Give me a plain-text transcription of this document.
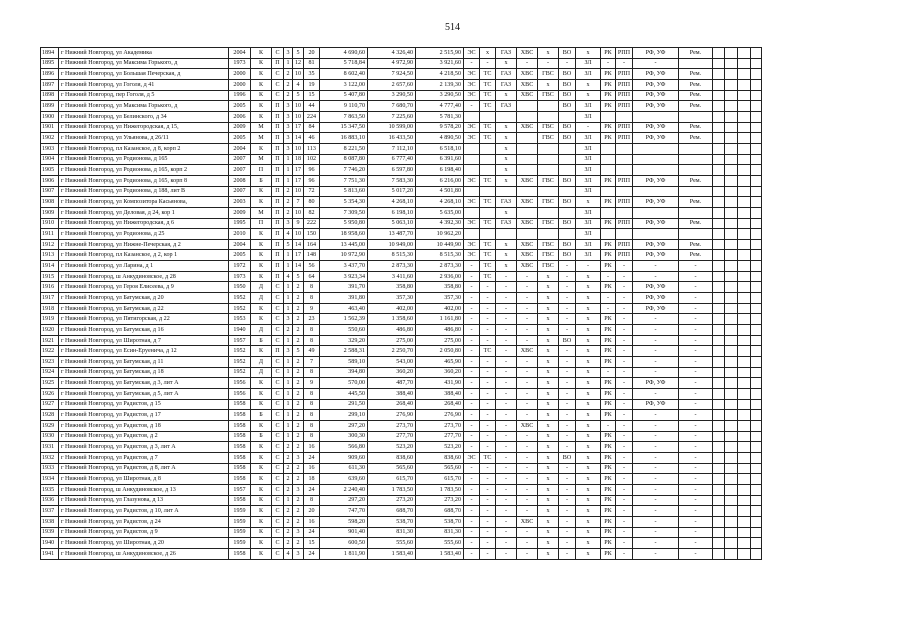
514
1894	г Нижний Новгород, ул Академика	2004	К	С	3	5	20	4 690,60	4 326,40	2 515,90	ЭС	x	ГАЗ	ХВС	x	ВО	x	РК	РПП	РФ, УФ	Рем.				
1895	г Нижний Новгород, ул Максима Горького, д	1973	К	П	1	12	81	5 718,84	4 972,90	3 921,60	-	-	x	-	-	-	ЗЛ	-	-	-					
1896	г Нижний Новгород, ул Большая Печерская, д	2000	К	С	2	10	35	8 602,40	7 924,50	4 218,50	ЭС	ТС	ГАЗ	ХВС	ГВС	ВО	ЗЛ	РК	РПП	РФ, УФ	Рем.				
1897	г Нижний Новгород, ул Гоголя, д 41	2000	К	С	2	4	19	3 122,00	2 657,60	2 139,30	ЭС	ТС	ГАЗ	ХВС	x	ВО	x	РК	РПП	РФ, УФ	Рем.				
1898	г Нижний Новгород, пер Гоголя, д 5	1996	К	С	2	5	15	5 407,80	3 290,50	3 290,50	ЭС	ТС	x	ХВС	ГВС	ВО	x	РК	РПП	РФ, УФ	Рем.				
1899	г Нижний Новгород, ул Максима Горького, д	2005	К	П	3	10	44	9 110,70	7 680,70	4 777,40	-	ТС	ГАЗ			ВО	ЗЛ	РК	РПП	РФ, УФ	Рем.				
1900	г Нижний Новгород, ул Белинского, д 34	2006	К	П	3	10	224	7 863,50	7 225,60	5 781,30							ЗЛ								
1901	г Нижний Новгород, ул Нижегородская, д 15,	2009	М	П	3	17	84	15 347,50	10 599,00	9 578,20	ЭС	ТС	x	ХВС	ГВС	ВО	-	РК	РПП	РФ, УФ	Рем.				
1902	г Нижний Новгород, ул Ульянова, д 26/11	2005	М	П	3	14	46	16 883,10	16 433,50	4 890,50	ЭС	ТС	x		ГВС	ВО	ЗЛ	РК	РПП	РФ, УФ	Рем.				
1903	г Нижний Новгород, пл Казанское, д 8, корп 2	2004	К	П	3	10	113	8 221,50	7 112,10	6 518,10			x				ЗЛ								
1904	г Нижний Новгород, ул Родионова, д 165	2007	М	П	1	18	102	8 087,80	6 777,40	6 391,60			x				ЗЛ								
1905	г Нижний Новгород, ул Родионова, д 165, корп 2	2007	П	П	1	17	96	7 746,20	6 597,80	6 198,40			x				ЗЛ								
1906	г Нижний Новгород, ул Родионова, д 165, корп 8	2008	Б	П	1	17	96	7 751,30	7 583,30	6 216,00	ЭС	ТС	x	ХВС	ГВС	ВО	ЗЛ	РК	РПП	РФ, УФ	Рем.				
1907	г Нижний Новгород, ул Родионова, д 188, лит В	2007	К	П	2	10	72	5 813,60	5 017,20	4 501,80							ЗЛ								
1908	г Нижний Новгород, ул Композитора Касьянова,	2003	К	П	2	7	80	5 354,30	4 268,10	4 268,10	ЭС	ТС	ГАЗ	ХВС	ГВС	ВО	x	РК	РПП	РФ, УФ	Рем.				
1909	г Нижний Новгород, ул Деловая, д 24, кор 1	2009	М	П	2	10	82	7 309,50	6 198,10	5 635,00			x				ЗЛ								
1910	г Нижний Новгород, ул Нижегородская, д 6	1995	П	П	3	9	222	5 950,80	5 063,10	4 392,30	ЭС	ТС	ГАЗ	ХВС	ГВС	ВО	ЗЛ	РК	РПП	РФ, УФ	Рем.				
1911	г Нижний Новгород, ул Родионова, д 25	2010	К	П	4	10	150	18 958,60	13 487,70	10 962,20							ЗЛ								
1912	г Нижний Новгород, ул Нижне-Печерская, д 2	2004	К	П	5	14	164	13 445,00	10 949,00	10 449,90	ЭС	ТС	x	ХВС	ГВС	ВО	ЗЛ	РК	РПП	РФ, УФ	Рем.				
1913	г Нижний Новгород, пл Казанское, д 2, кор 1	2005	К	П	1	17	148	10 972,90	8 515,30	8 515,30	ЭС	ТС	x	ХВС	ГВС	ВО	ЗЛ	РК	РПП	РФ, УФ	Рем.				
1914	г Нижний Новгород, ул Ларина, д 1	1972	К	П	1	14	56	3 437,70	2 873,30	2 873,30	-	ТС	x	ХВС	ГВС	-	-	РК	-	-	-				
1915	г Нижний Новгород, ш Анкудиновское, д 28	1973	К	П	4	5	64	3 923,34	3 411,60	2 936,00	-	ТС	-	-	x	-	x	-	-	-	-				
1916	г Нижний Новгород, ул Героя Елисеева, д 9	1950	Д	С	1	2	8	391,70	358,80	358,80	-	-	-	-	x	-	x	РК	-	РФ, УФ	-				
1917	г Нижний Новгород, ул Батумская, д 20	1952	Д	С	1	2	8	391,80	357,30	357,30	-	-	-	-	x	-	x	-	-	РФ, УФ	-				
1918	г Нижний Новгород, ул Батумская, д 22	1952	К	С	1	2	9	463,40	402,00	402,00	-	-	-	-	x	-	x	-	-	РФ, УФ	-				
1919	г Нижний Новгород, ул Пятигорская, д 22	1953	К	С	3	2	23	1 562,39	1 358,60	1 161,80	-	-	-	-	x	-	x	РК	-	-	-				
1920	г Нижний Новгород, ул Батумская, д 16	1940	Д	С	2	2	8	550,60	486,80	486,80	-	-	-	-	x	-	x	РК	-	-	-				
1921	г Нижний Новгород, ул Широтная, д 7	1957	Б	С	1	2	8	329,20	275,00	275,00	-	-	-	-	x	ВО	x	РК	-	-	-				
1922	г Нижний Новгород, ул Есин-Еруенича, д 12	1952	К	П	3	5	49	2 588,31	2 250,70	2 050,80	-	ТС	-	ХВС	x	-	x	РК	-	-	-				
1923	г Нижний Новгород, ул Батумская, д 11	1952	Д	С	1	2	7	589,10	543,00	465,90	-	-	-	-	x	-	x	РК	-	-	-				
1924	г Нижний Новгород, ул Батумская, д 18	1952	Д	С	1	2	8	394,80	360,20	360,20	-	-	-	-	x	-	x	-	-	-	-				
1925	г Нижний Новгород, ул Батумская, д 3, лит А	1956	К	С	1	2	9	570,00	487,70	431,90	-	-	-	-	x	-	x	РК	-	РФ, УФ	-				
1926	г Нижний Новгород, ул Батумская, д 5, лит А	1956	К	С	1	2	8	445,50	388,40	388,40	-	-	-	-	x	-	x	РК	-	-	-				
1927	г Нижний Новгород, ул Радистов, д 15	1958	К	С	1	2	8	291,50	268,40	268,40	-	-	-	-	x	-	x	РК	-	РФ, УФ	-				
1928	г Нижний Новгород, ул Радистов, д 17	1958	Б	С	1	2	8	299,10	276,90	276,90	-	-	-	-	x	-	x	РК	-	-	-				
1929	г Нижний Новгород, ул Радистов, д 18	1958	К	С	1	2	8	297,20	273,70	273,70	-	-	-	ХВС	x	-	x	-	-	-	-				
1930	г Нижний Новгород, ул Радистов, д 2	1958	Б	С	1	2	8	300,30	277,70	277,70	-	-	-	-	x	-	x	РК	-	-	-				
1931	г Нижний Новгород, ул Радистов, д 3, лит А	1958	К	С	2	2	16	566,80	523,20	523,20	-	-	-	-	x	-	x	РК	-	-	-				
1932	г Нижний Новгород, ул Радистов, д 7	1958	К	С	2	3	24	909,60	838,60	838,60	ЭС	ТС	-	-	x	ВО	x	РК	-	-	-				
1933	г Нижний Новгород, ул Радистов, д 8, лит А	1958	К	С	2	2	16	611,30	565,60	565,60	-	-	-	-	x	-	x	РК	-	-	-				
1934	г Нижний Новгород, ул Широтная, д 8	1958	К	С	2	2	18	639,60	615,70	615,70	-	-	-	-	x	-	x	РК	-	-	-				
1935	г Нижний Новгород, ш Анкудиновское, д 13	1957	К	С	2	3	24	2 240,40	1 783,50	1 783,50	-	-	-	-	x	-	x	РК	-	-	-				
1936	г Нижний Новгород, ул Глазунова, д 13	1958	К	С	1	2	8	297,20	273,20	273,20	-	-	-	-	x	-	x	РК	-	-	-				
1937	г Нижний Новгород, ул Радистов, д 10, лит А	1959	К	С	2	2	20	747,70	688,70	688,70	-	-	-	-	x	-	x	РК	-	-	-				
1938	г Нижний Новгород, ул Радистов, д 24	1959	К	С	2	2	16	598,20	538,70	538,70	-	-	-	ХВС	x	-	x	РК	-	-	-				
1939	г Нижний Новгород, ул Радистов, д 9	1959	К	С	2	3	24	901,40	831,30	831,30	-	-	-	-	x	-	x	РК	-	-	-				
1940	г Нижний Новгород, ул Широтная, д 20	1959	К	С	2	2	15	600,50	555,60	555,60	-	-	-	-	x	-	x	РК	-	-	-				
1941	г Нижний Новгород, ш Анкудиновское, д 26	1958	К	С	4	3	24	1 811,90	1 583,40	1 583,40	-	-	-	-	x	-	x	РК	-	-	-				
